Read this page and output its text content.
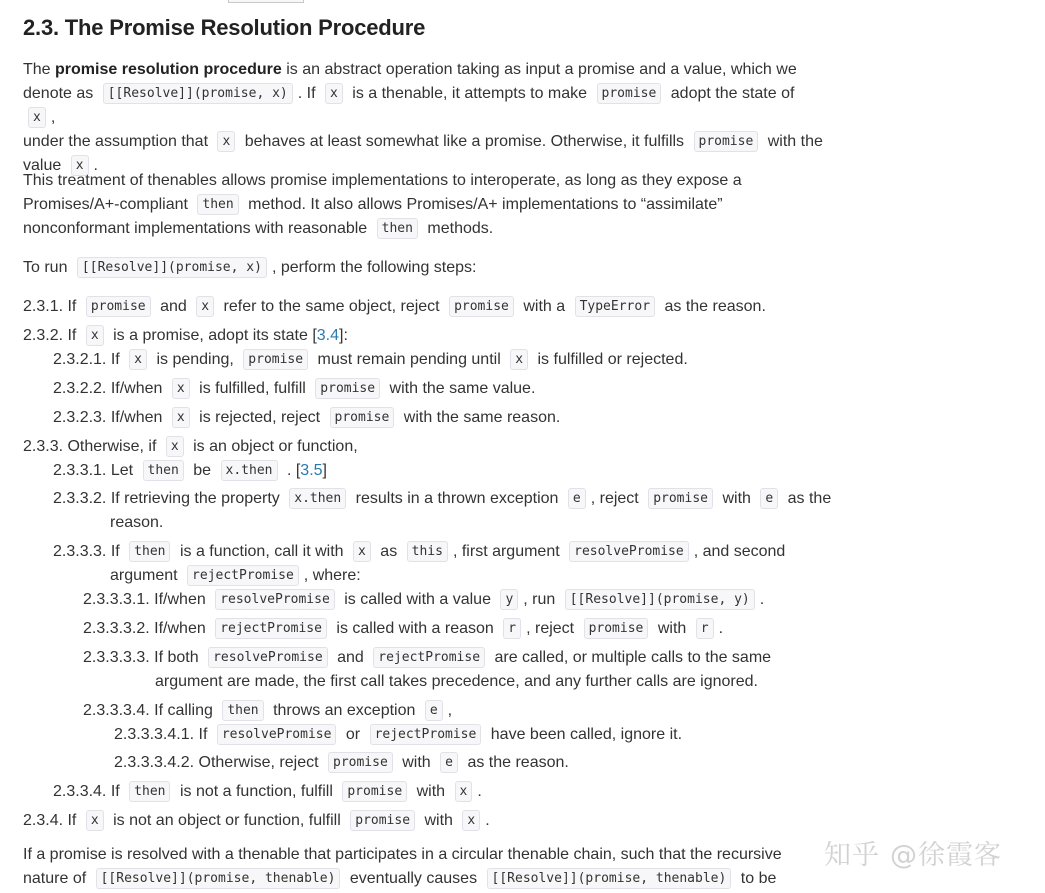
2.3. The Promise Resolution Procedure

The promise resolution procedure is an abstract operation taking as input a promise and a value, which we
denote as [[Resolve]](promise, x) . If x is a thenable, it attempts to make promise adopt the state of x ,
under the assumption that x behaves at least somewhat like a promise. Otherwise, it fulfills promise with the
value x .

This treatment of thenables allows promise implementations to interoperate, as long as they expose a
Promises/A+-compliant then method. It also allows Promises/A+ implementations to “assimilate”
nonconformant implementations with reasonable then methods.

To run [[Resolve]](promise, x) , perform the following steps:
2.3.1. If promise and x refer to the same object, reject promise with a TypeError as the reason.
2.3.2. If x is a promise, adopt its state [3.4]:
2.3.2.1. If x is pending, promise must remain pending until x is fulfilled or rejected.
2.3.2.2. If/when x is fulfilled, fulfill promise with the same value.
2.3.2.3. If/when x is rejected, reject promise with the same reason.
2.3.3. Otherwise, if x is an object or function,
2.3.3.1. Let then be x.then . [3.5]
2.3.3.2. If retrieving the property x.then results in a thrown exception e , reject promise with e as the
reason.
2.3.3.3. If then is a function, call it with x as this , first argument resolvePromise , and second
argument rejectPromise , where:
2.3.3.3.1. If/when resolvePromise is called with a value y , run [[Resolve]](promise, y) .
2.3.3.3.2. If/when rejectPromise is called with a reason r , reject promise with r .
2.3.3.3.3. If both resolvePromise and rejectPromise are called, or multiple calls to the same
argument are made, the first call takes precedence, and any further calls are ignored.
2.3.3.3.4. If calling then throws an exception e ,
2.3.3.3.4.1. If resolvePromise or rejectPromise have been called, ignore it.
2.3.3.3.4.2. Otherwise, reject promise with e as the reason.
2.3.3.4. If then is not a function, fulfill promise with x .
2.3.4. If x is not an object or function, fulfill promise with x .
If a promise is resolved with a thenable that participates in a circular thenable chain, such that the recursive
nature of [[Resolve]](promise, thenable) eventually causes [[Resolve]](promise, thenable) to be
知乎 @徐霞客
